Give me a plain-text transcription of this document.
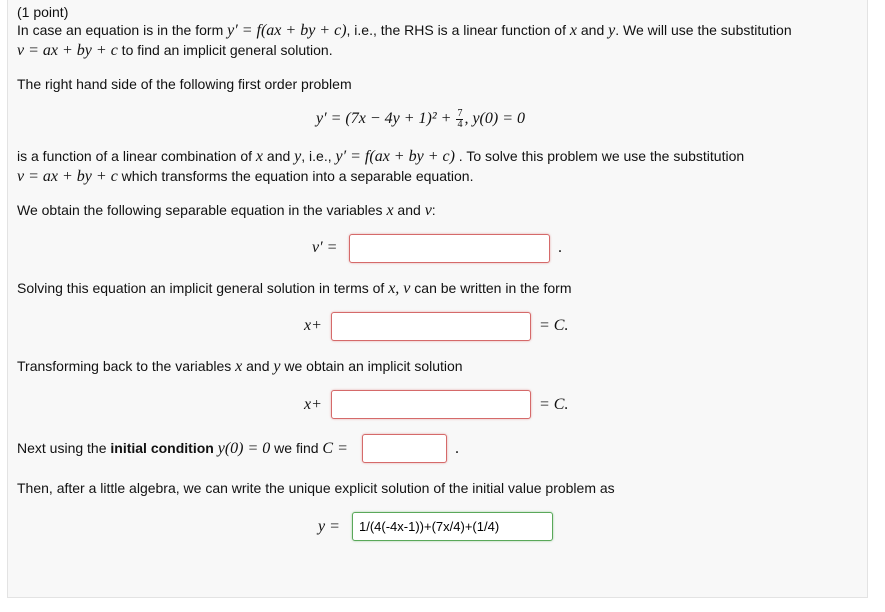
(1 point)
In case an equation is in the form y′ = f(ax + by + c), i.e., the RHS is a linear function of x and y. We will use the substitution
v = ax + by + c to find an implicit general solution.
The right hand side of the following first order problem
$y' = (7x - 4y + 1)^2 + \frac{7}{4}$ , y(0) = 0
is a function of a linear combination of x and y, i.e., y′ = f(ax + by + c) . To solve this problem we use the substitution
v = ax + by + c which transforms the equation into a separable equation.
We obtain the following separable equation in the variables x and v:
v′ =	.
Solving this equation an implicit general solution in terms of x, v can be written in the form
x+	= C.
Transforming back to the variables x and y we obtain an implicit solution
x+	= C.
Next using the initial condition y(0) = 0 we find C =	.
Then, after a little algebra, we can write the unique explicit solution of the initial value problem as
y =
1/(4(-4x-1))+(7x/4)+(1/4)
